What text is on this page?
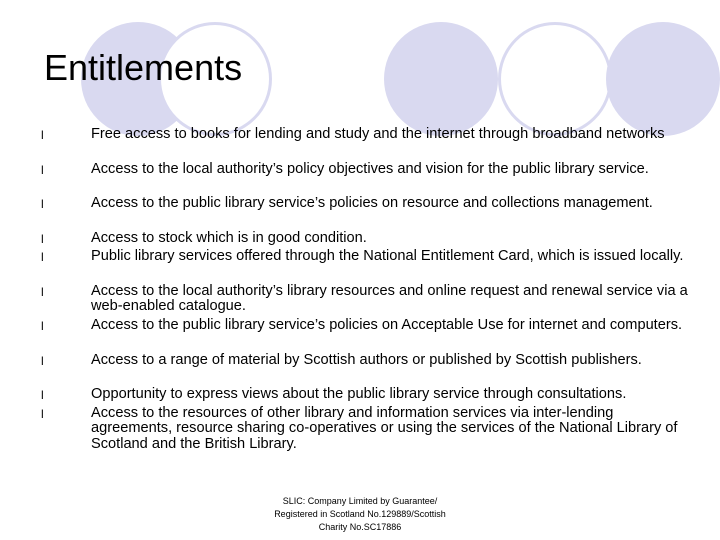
Entitlements
l	Free access to books for lending and study and the internet through broadband networks
l	Access to the local authority’s policy objectives and vision for the public library service.
l	Access to the public library service’s policies on resource and collections management.
l	Access to stock which is in good condition.
l	Public library services offered through the National Entitlement Card, which is issued locally.
l	Access to the local authority’s library resources and online request and renewal service via a web-enabled catalogue.
l	Access to the public library service’s policies on Acceptable Use for internet and computers.
l	Access to a range of material by Scottish authors or published by Scottish publishers.
l	Opportunity to express views about the public library service through consultations.
l	Access to the resources of other library and information services via inter-lending agreements, resource sharing co-operatives or using the services of the National Library of Scotland and the British Library.
SLIC: Company Limited by Guarantee/
Registered in Scotland No.129889/Scottish
Charity No.SC17886
